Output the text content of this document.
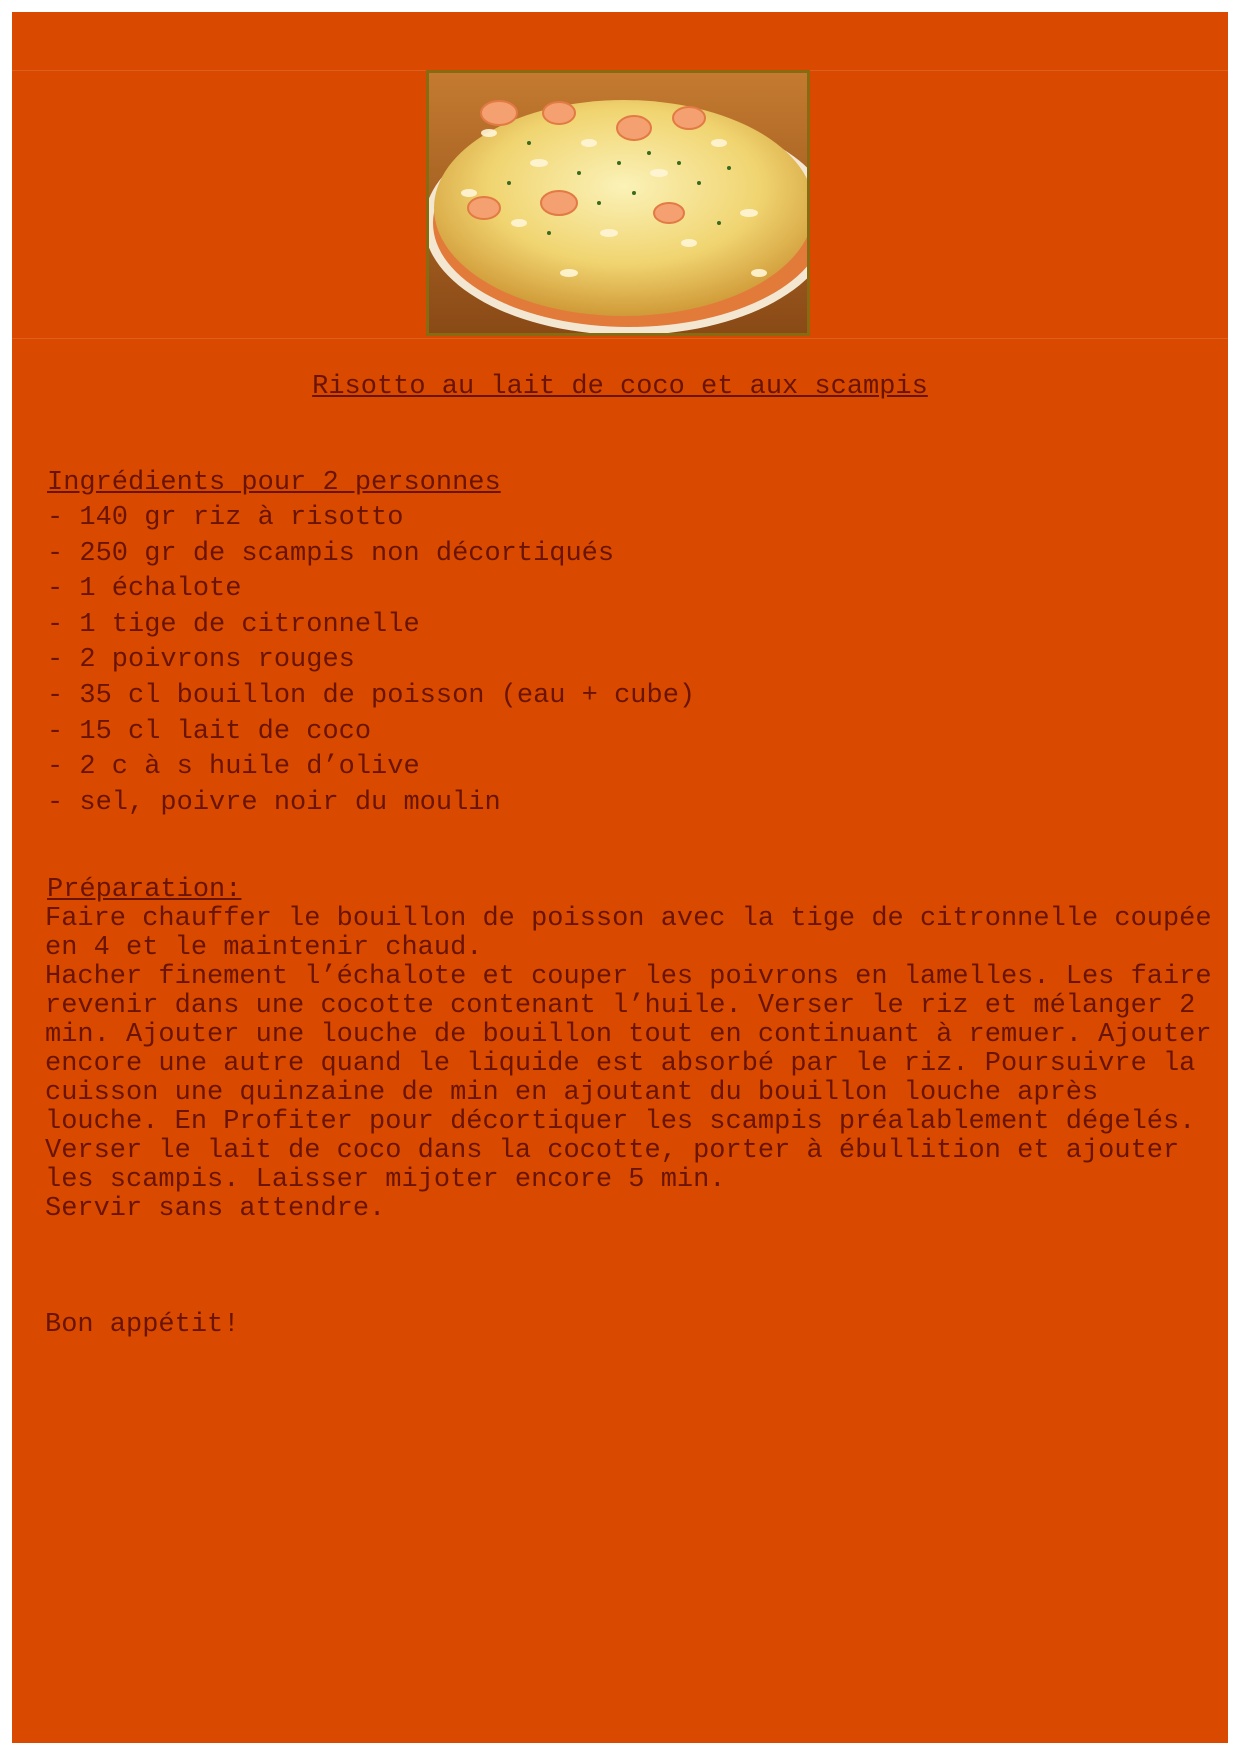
Risotto au lait de coco et aux scampis
Ingrédients pour 2 personnes
- 140 gr riz à risotto
- 250 gr de scampis non décortiqués
- 1 échalote
- 1 tige de citronnelle
- 2 poivrons rouges
- 35 cl bouillon de poisson (eau + cube)
- 15 cl lait de coco
- 2 c à s huile d’olive
- sel, poivre noir du moulin
Préparation:

Faire chauffer le bouillon de poisson avec la tige de citronnelle coupée en 4 et le maintenir chaud.

Hacher finement l’échalote et couper les poivrons en lamelles. Les faire revenir dans une cocotte contenant l’huile. Verser le riz et mélanger 2 min. Ajouter une louche de bouillon tout en continuant à remuer. Ajouter encore une autre quand le liquide est absorbé par le riz. Poursuivre la cuisson une quinzaine de min en ajoutant du bouillon louche après louche. En Profiter pour décortiquer les scampis préalablement dégelés.

Verser le lait de coco dans la cocotte, porter à ébullition et ajouter les scampis. Laisser mijoter encore 5 min.

Servir sans attendre.

Bon appétit!
